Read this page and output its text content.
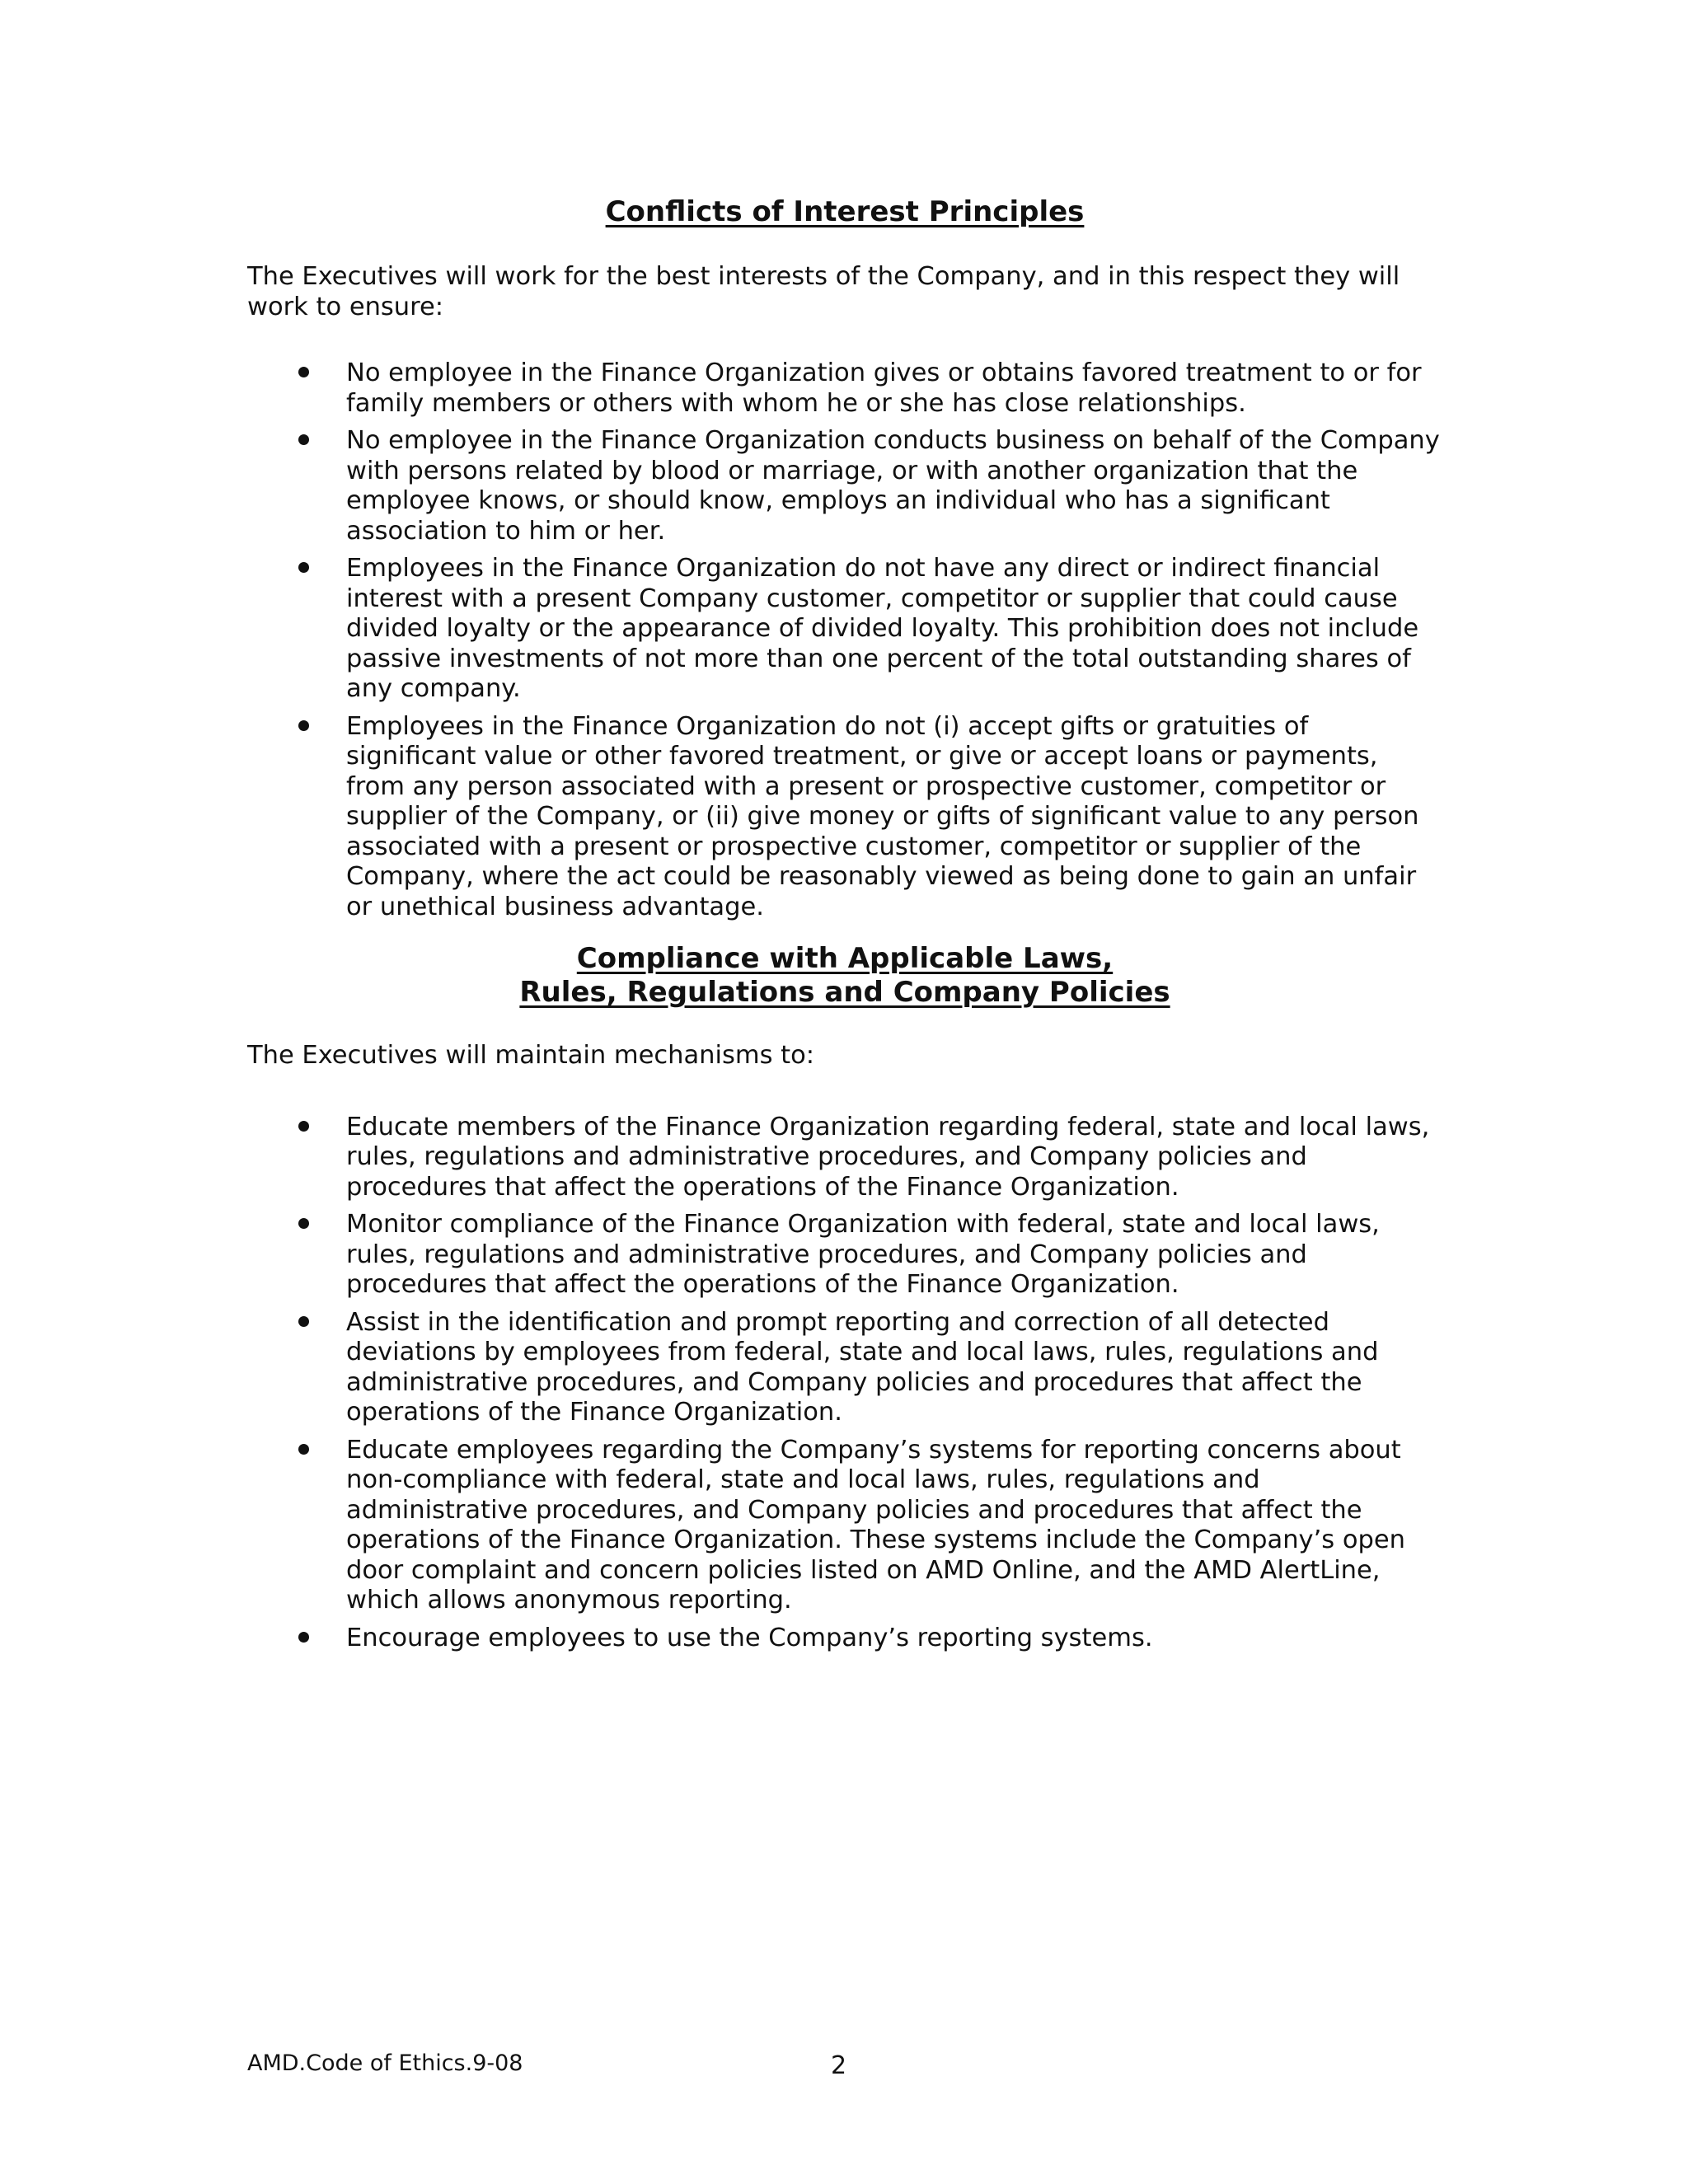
Conflicts of Interest Principles

The Executives will work for the best interests of the Company, and in this respect they will work to ensure:

No employee in the Finance Organization gives or obtains favored treatment to or for family members or others with whom he or she has close relationships.
No employee in the Finance Organization conducts business on behalf of the Company with persons related by blood or marriage, or with another organization that the employee knows, or should know, employs an individual who has a significant association to him or her.
Employees in the Finance Organization do not have any direct or indirect financial interest with a present Company customer, competitor or supplier that could cause divided loyalty or the appearance of divided loyalty. This prohibition does not include passive investments of not more than one percent of the total outstanding shares of any company.
Employees in the Finance Organization do not (i) accept gifts or gratuities of significant value or other favored treatment, or give or accept loans or payments, from any person associated with a present or prospective customer, competitor or supplier of the Company, or (ii) give money or gifts of significant value to any person associated with a present or prospective customer, competitor or supplier of the Company, where the act could be reasonably viewed as being done to gain an unfair or unethical business advantage.
Compliance with Applicable Laws,
Rules, Regulations and Company Policies

The Executives will maintain mechanisms to:

Educate members of the Finance Organization regarding federal, state and local laws, rules, regulations and administrative procedures, and Company policies and procedures that affect the operations of the Finance Organization.
Monitor compliance of the Finance Organization with federal, state and local laws, rules, regulations and administrative procedures, and Company policies and procedures that affect the operations of the Finance Organization.
Assist in the identification and prompt reporting and correction of all detected deviations by employees from federal, state and local laws, rules, regulations and administrative procedures, and Company policies and procedures that affect the operations of the Finance Organization.
Educate employees regarding the Company’s systems for reporting concerns about non-compliance with federal, state and local laws, rules, regulations and administrative procedures, and Company policies and procedures that affect the operations of the Finance Organization. These systems include the Company’s open door complaint and concern policies listed on AMD Online, and the AMD AlertLine, which allows anonymous reporting.
Encourage employees to use the Company’s reporting systems.
AMD.Code of Ethics.9-08	2
